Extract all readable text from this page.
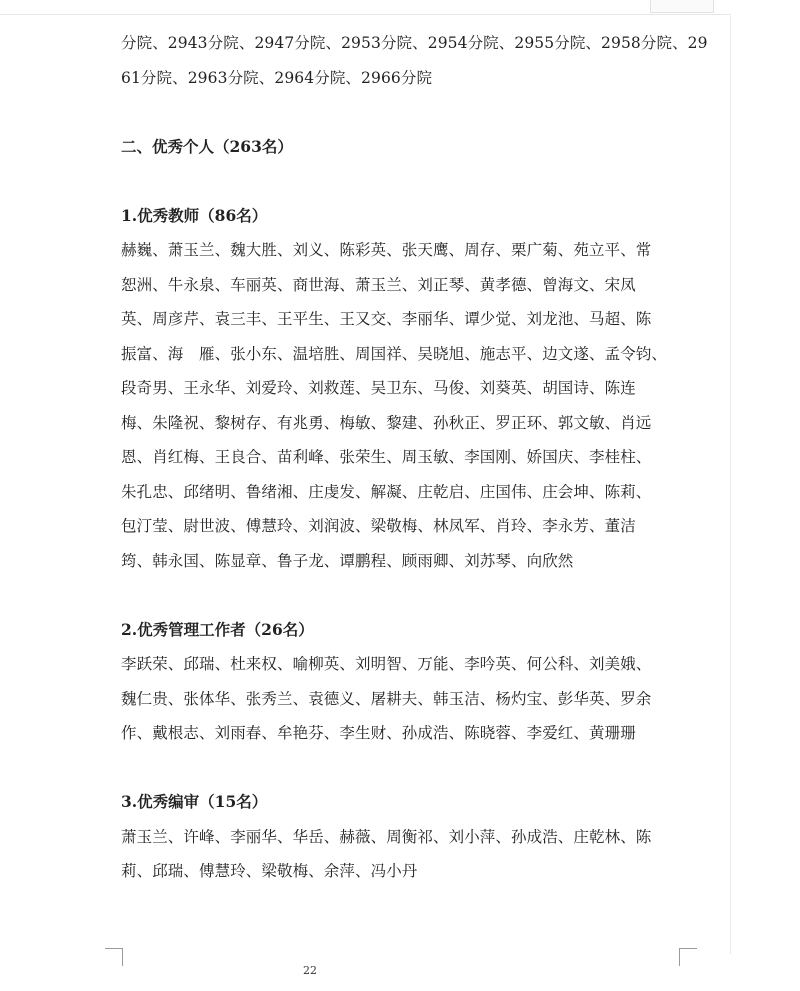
分院、2943分院、2947分院、2953分院、2954分院、2955分院、2958分院、29
61分院、2963分院、2964分院、2966分院
二、优秀个人（263名）
1.优秀教师（86名）
赫巍、萧玉兰、魏大胜、刘义、陈彩英、张天鹰、周存、栗广菊、苑立平、常
恕洲、牛永泉、车丽英、商世海、萧玉兰、刘正琴、黄孝德、曾海文、宋凤
英、周彦芹、袁三丰、王平生、王又交、李丽华、谭少觉、刘龙池、马超、陈
振富、海　雁、张小东、温培胜、周国祥、吴晓旭、施志平、边文遂、孟令钧、
段奇男、王永华、刘爱玲、刘救莲、吴卫东、马俊、刘葵英、胡国诗、陈连
梅、朱隆祝、黎树存、有兆勇、梅敏、黎建、孙秋正、罗正环、郭文敏、肖远
恩、肖红梅、王良合、苗利峰、张荣生、周玉敏、李国刚、娇国庆、李桂柱、
朱孔忠、邱绪明、鲁绪湘、庄虔发、解凝、庄乾启、庄国伟、庄会坤、陈莉、
包汀莹、尉世波、傅慧玲、刘润波、梁敬梅、林凤军、肖玲、李永芳、董洁
筠、韩永国、陈显章、鲁子龙、谭鹏程、顾雨卿、刘苏琴、向欣然
2.优秀管理工作者（26名）
李跃荣、邱瑞、杜来权、喻柳英、刘明智、万能、李吟英、何公科、刘美娥、
魏仁贵、张体华、张秀兰、袁德义、屠耕夫、韩玉洁、杨灼宝、彭华英、罗余
作、戴根志、刘雨春、牟艳芬、李生财、孙成浩、陈晓蓉、李爱红、黄珊珊
3.优秀编审（15名）
萧玉兰、许峰、李丽华、华岳、赫薇、周衡祁、刘小萍、孙成浩、庄乾林、陈
莉、邱瑞、傅慧玲、梁敬梅、余萍、冯小丹
22
